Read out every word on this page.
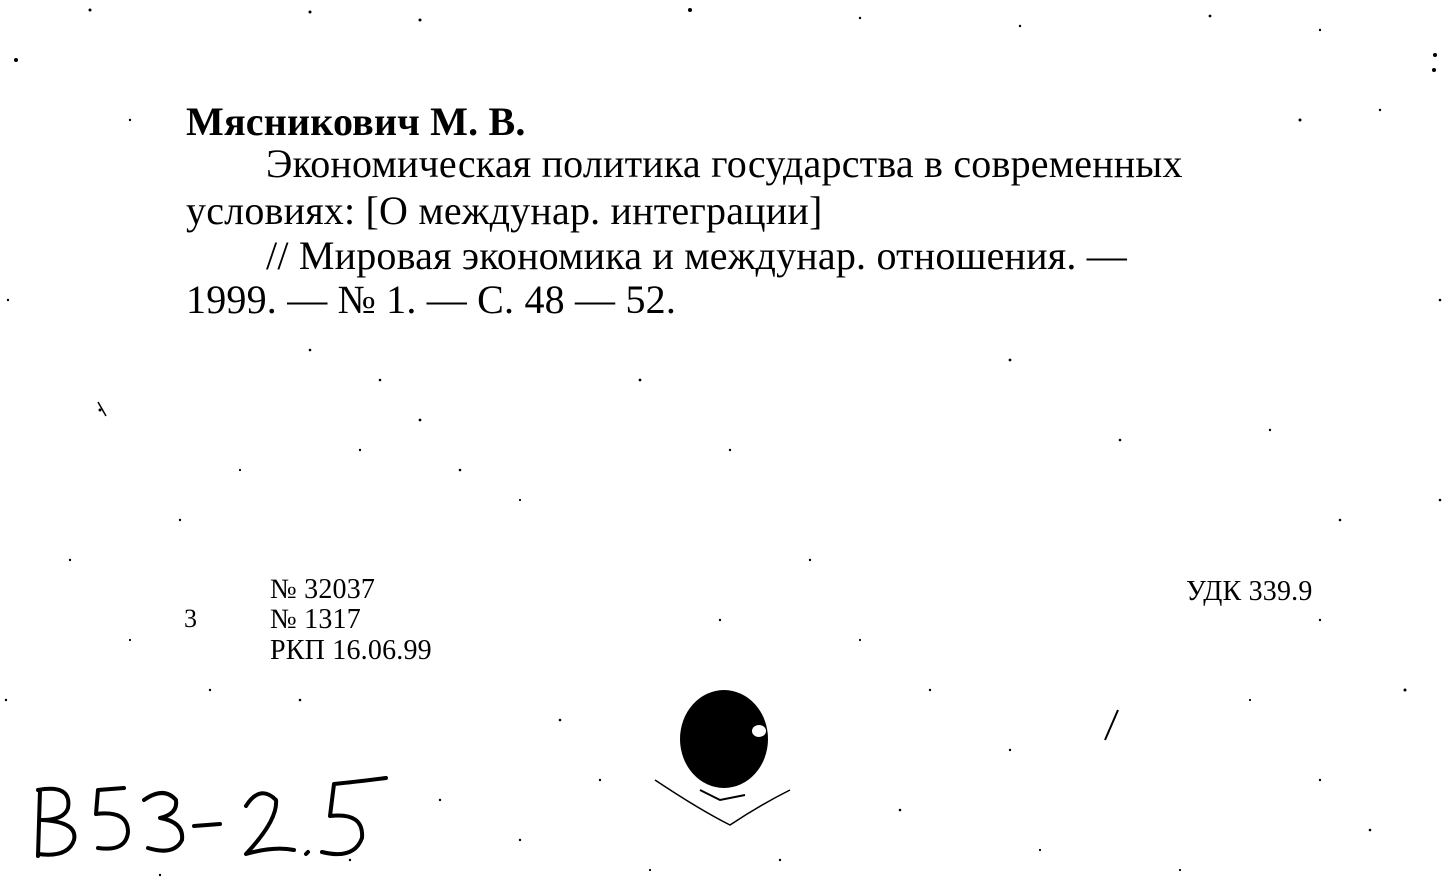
Мясникович М. В.
Экономическая политика государства в современных
условиях: [О междунар. интеграции]
// Мировая экономика и междунар. отношения. —
1999. — № 1. — С. 48 — 52.
3
№ 32037
№ 1317
РКП 16.06.99
УДК 339.9
